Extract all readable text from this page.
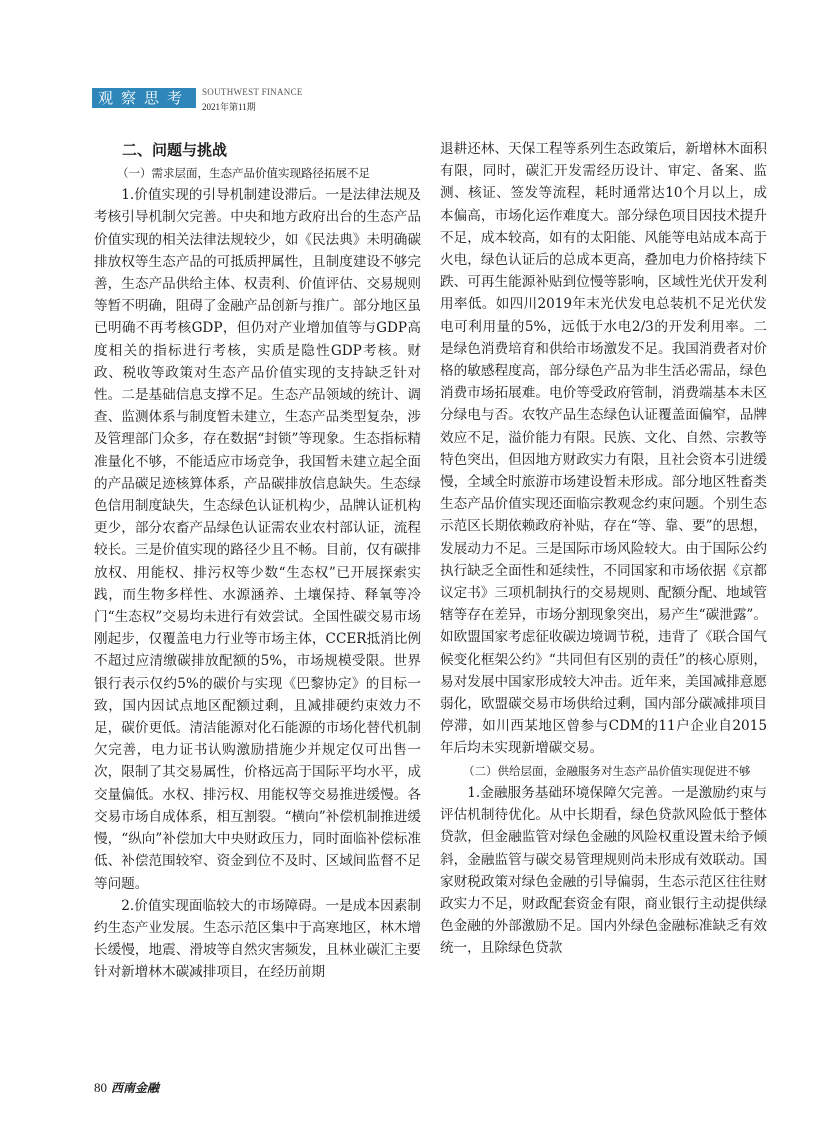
观察思考 SOUTHWEST FINANCE
2021年第11期

二、问题与挑战

（一）需求层面，生态产品价值实现路径拓展不足

1.价值实现的引导机制建设滞后。一是法律法规及考核引导机制欠完善。中央和地方政府出台的生态产品价值实现的相关法律法规较少，如《民法典》未明确碳排放权等生态产品的可抵质押属性，且制度建设不够完善，生态产品供给主体、权责利、价值评估、交易规则等暂不明确，阻碍了金融产品创新与推广。部分地区虽已明确不再考核GDP，但仍对产业增加值等与GDP高度相关的指标进行考核，实质是隐性GDP考核。财政、税收等政策对生态产品价值实现的支持缺乏针对性。二是基础信息支撑不足。生态产品领域的统计、调查、监测体系与制度暂未建立，生态产品类型复杂，涉及管理部门众多，存在数据“封锁”等现象。生态指标精准量化不够，不能适应市场竞争，我国暂未建立起全面的产品碳足迹核算体系，产品碳排放信息缺失。生态绿色信用制度缺失，生态绿色认证机构少，品牌认证机构更少，部分农畜产品绿色认证需农业农村部认证，流程较长。三是价值实现的路径少且不畅。目前，仅有碳排放权、用能权、排污权等少数“生态权”已开展探索实践，而生物多样性、水源涵养、土壤保持、释氧等冷门“生态权”交易均未进行有效尝试。全国性碳交易市场刚起步，仅覆盖电力行业等市场主体，CCER抵消比例不超过应清缴碳排放配额的5%，市场规模受限。世界银行表示仅约5%的碳价与实现《巴黎协定》的目标一致，国内因试点地区配额过剩，且减排硬约束效力不足，碳价更低。清洁能源对化石能源的市场化替代机制欠完善，电力证书认购激励措施少并规定仅可出售一次，限制了其交易属性，价格远高于国际平均水平，成交量偏低。水权、排污权、用能权等交易推进缓慢。各交易市场自成体系，相互割裂。“横向”补偿机制推进缓慢，“纵向”补偿加大中央财政压力，同时面临补偿标准低、补偿范围较窄、资金到位不及时、区域间监督不足等问题。

2.价值实现面临较大的市场障碍。一是成本因素制约生态产业发展。生态示范区集中于高寒地区，林木增长缓慢，地震、滑坡等自然灾害频发，且林业碳汇主要针对新增林木碳减排项目，在经历前期

退耕还林、天保工程等系列生态政策后，新增林木面积有限，同时，碳汇开发需经历设计、审定、备案、监测、核证、签发等流程，耗时通常达10个月以上，成本偏高，市场化运作难度大。部分绿色项目因技术提升不足，成本较高，如有的太阳能、风能等电站成本高于火电，绿色认证后的总成本更高，叠加电力价格持续下跌、可再生能源补贴到位慢等影响，区域性光伏开发利用率低。如四川2019年末光伏发电总装机不足光伏发电可利用量的5%，远低于水电2/3的开发利用率。二是绿色消费培育和供给市场激发不足。我国消费者对价格的敏感程度高，部分绿色产品为非生活必需品，绿色消费市场拓展难。电价等受政府管制，消费端基本未区分绿电与否。农牧产品生态绿色认证覆盖面偏窄，品牌效应不足，溢价能力有限。民族、文化、自然、宗教等特色突出，但因地方财政实力有限，且社会资本引进缓慢，全域全时旅游市场建设暂未形成。部分地区牲畜类生态产品价值实现还面临宗教观念约束问题。个别生态示范区长期依赖政府补贴，存在“等、靠、要”的思想，发展动力不足。三是国际市场风险较大。由于国际公约执行缺乏全面性和延续性，不同国家和市场依据《京都议定书》三项机制执行的交易规则、配额分配、地域管辖等存在差异，市场分割现象突出，易产生“碳泄露”。如欧盟国家考虑征收碳边境调节税，违背了《联合国气候变化框架公约》“共同但有区别的责任”的核心原则，易对发展中国家形成较大冲击。近年来，美国减排意愿弱化，欧盟碳交易市场供给过剩，国内部分碳减排项目停滞，如川西某地区曾参与CDM的11户企业自2015年后均未实现新增碳交易。

（二）供给层面，金融服务对生态产品价值实现促进不够

1.金融服务基础环境保障欠完善。一是激励约束与评估机制待优化。从中长期看，绿色贷款风险低于整体贷款，但金融监管对绿色金融的风险权重设置未给予倾斜，金融监管与碳交易管理规则尚未形成有效联动。国家财税政策对绿色金融的引导偏弱，生态示范区往往财政实力不足，财政配套资金有限，商业银行主动提供绿色金融的外部激励不足。国内外绿色金融标准缺乏有效统一，且除绿色贷款

80 西南金融
